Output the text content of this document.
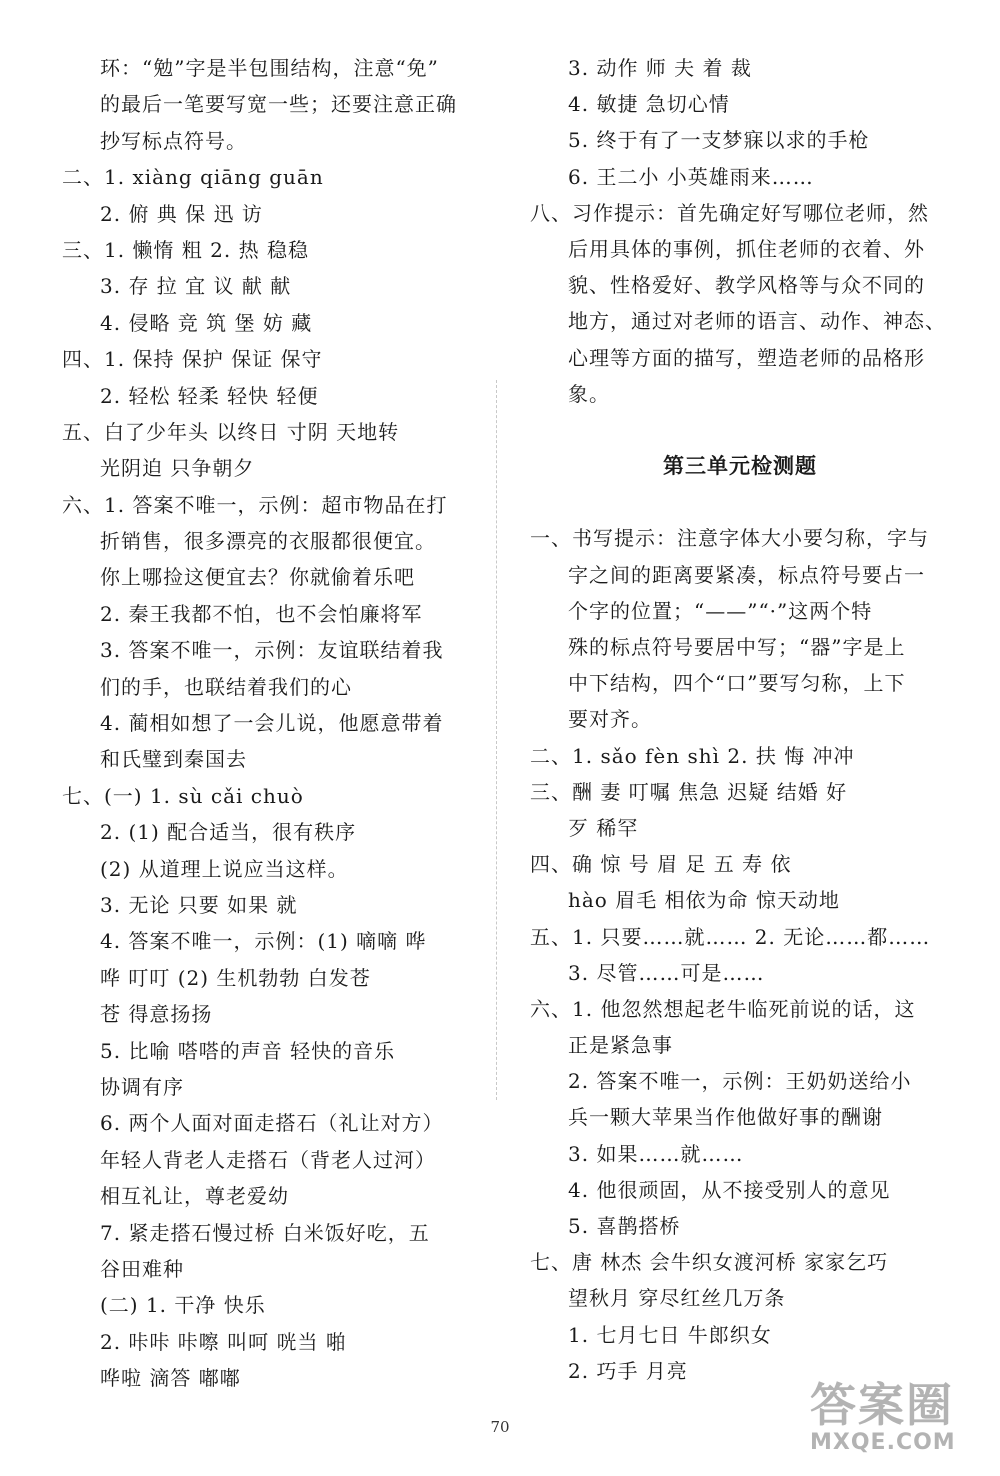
环：“勉”字是半包围结构，注意“免”
的最后一笔要写宽一些；还要注意正确
抄写标点符号。
二、1. xiàng qiāng guān
2. 俯 典 保 迅 访
三、1. 懒惰 粗 2. 热 稳稳
3. 存 拉 宜 议 献 献
4. 侵略 竞 筑 堡 妨 藏
四、1. 保持 保护 保证 保守
2. 轻松 轻柔 轻快 轻便
五、白了少年头 以终日 寸阴 天地转
光阴迫 只争朝夕
六、1. 答案不唯一，示例：超市物品在打
折销售，很多漂亮的衣服都很便宜。
你上哪捡这便宜去？你就偷着乐吧
2. 秦王我都不怕，也不会怕廉将军
3. 答案不唯一，示例：友谊联结着我
们的手，也联结着我们的心
4. 蔺相如想了一会儿说，他愿意带着
和氏璧到秦国去
七、(一) 1. sù cǎi chuò
2. (1) 配合适当，很有秩序
(2) 从道理上说应当这样。
3. 无论 只要 如果 就
4. 答案不唯一，示例：(1) 嘀嘀 哗
哗 叮叮 (2) 生机勃勃 白发苍
苍 得意扬扬
5. 比喻 嗒嗒的声音 轻快的音乐
协调有序
6. 两个人面对面走搭石（礼让对方）
年轻人背老人走搭石（背老人过河）
相互礼让，尊老爱幼
7. 紧走搭石慢过桥 白米饭好吃，五
谷田难种
(二) 1. 干净 快乐
2. 咔咔 咔嚓 叫呵 咣当 啪
哗啦 滴答 嘟嘟
3. 动作 师 夫 着 裁
4. 敏捷 急切心情
5. 终于有了一支梦寐以求的手枪
6. 王二小 小英雄雨来……
八、习作提示：首先确定好写哪位老师，然
后用具体的事例，抓住老师的衣着、外
貌、性格爱好、教学风格等与众不同的
地方，通过对老师的语言、动作、神态、
心理等方面的描写，塑造老师的品格形
象。
第三单元检测题
一、书写提示：注意字体大小要匀称，字与
字之间的距离要紧凑，标点符号要占一
个字的位置；“——”“·”这两个特
殊的标点符号要居中写；“器”字是上
中下结构，四个“口”要写匀称，上下
要对齐。
二、1. sǎo fèn shì 2. 扶 悔 冲冲
三、酬 妻 叮嘱 焦急 迟疑 结婚 好
歹 稀罕
四、确 惊 号 眉 足 五 寿 依
hào 眉毛 相依为命 惊天动地
五、1. 只要……就…… 2. 无论……都……
3. 尽管……可是……
六、1. 他忽然想起老牛临死前说的话，这
正是紧急事
2. 答案不唯一，示例：王奶奶送给小
兵一颗大苹果当作他做好事的酬谢
3. 如果……就……
4. 他很顽固，从不接受别人的意见
5. 喜鹊搭桥
七、唐 林杰 会牛织女渡河桥 家家乞巧
望秋月 穿尽红丝几万条
1. 七月七日 牛郎织女
2. 巧手 月亮
70	答案圈
MXQE.COM
